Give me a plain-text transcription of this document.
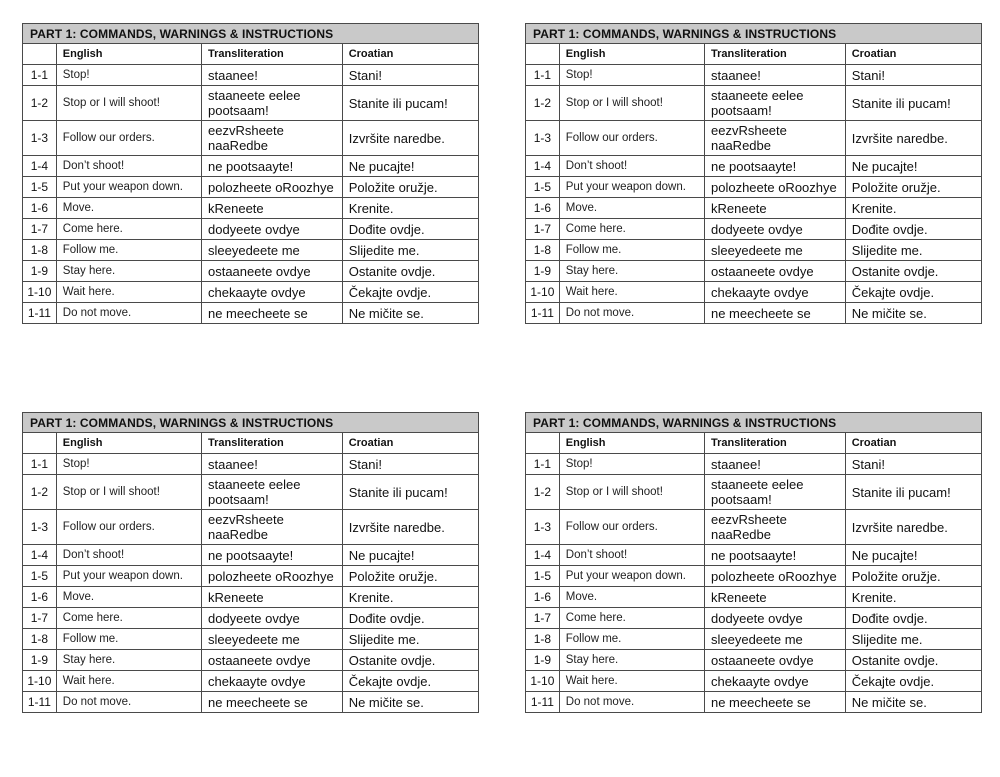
PART 1: COMMANDS, WARNINGS & INSTRUCTIONS			
	English	Transliteration	Croatian
1-1	Stop!	staanee!	Stani!
1-2	Stop or I will shoot!	staaneete eelee pootsaam!	Stanite ili pucam!
1-3	Follow our orders.	eezvRsheete naaRedbe	Izvršite naredbe.
1-4	Don’t shoot!	ne pootsaayte!	Ne pucajte!
1-5	Put your weapon down.	polozheete oRoozhye	Položite oružje.
1-6	Move.	kReneete	Krenite.
1-7	Come here.	dodyeete ovdye	Dođite ovdje.
1-8	Follow me.	sleeyedeete me	Slijedite me.
1-9	Stay here.	ostaaneete ovdye	Ostanite ovdje.
1-10	Wait here.	chekaayte ovdye	Čekajte ovdje.
1-11	Do not move.	ne meecheete se	Ne mičite se.
PART 1: COMMANDS, WARNINGS & INSTRUCTIONS			
	English	Transliteration	Croatian
1-1	Stop!	staanee!	Stani!
1-2	Stop or I will shoot!	staaneete eelee pootsaam!	Stanite ili pucam!
1-3	Follow our orders.	eezvRsheete naaRedbe	Izvršite naredbe.
1-4	Don’t shoot!	ne pootsaayte!	Ne pucajte!
1-5	Put your weapon down.	polozheete oRoozhye	Položite oružje.
1-6	Move.	kReneete	Krenite.
1-7	Come here.	dodyeete ovdye	Dođite ovdje.
1-8	Follow me.	sleeyedeete me	Slijedite me.
1-9	Stay here.	ostaaneete ovdye	Ostanite ovdje.
1-10	Wait here.	chekaayte ovdye	Čekajte ovdje.
1-11	Do not move.	ne meecheete se	Ne mičite se.
PART 1: COMMANDS, WARNINGS & INSTRUCTIONS			
	English	Transliteration	Croatian
1-1	Stop!	staanee!	Stani!
1-2	Stop or I will shoot!	staaneete eelee pootsaam!	Stanite ili pucam!
1-3	Follow our orders.	eezvRsheete naaRedbe	Izvršite naredbe.
1-4	Don’t shoot!	ne pootsaayte!	Ne pucajte!
1-5	Put your weapon down.	polozheete oRoozhye	Položite oružje.
1-6	Move.	kReneete	Krenite.
1-7	Come here.	dodyeete ovdye	Dođite ovdje.
1-8	Follow me.	sleeyedeete me	Slijedite me.
1-9	Stay here.	ostaaneete ovdye	Ostanite ovdje.
1-10	Wait here.	chekaayte ovdye	Čekajte ovdje.
1-11	Do not move.	ne meecheete se	Ne mičite se.
PART 1: COMMANDS, WARNINGS & INSTRUCTIONS			
	English	Transliteration	Croatian
1-1	Stop!	staanee!	Stani!
1-2	Stop or I will shoot!	staaneete eelee pootsaam!	Stanite ili pucam!
1-3	Follow our orders.	eezvRsheete naaRedbe	Izvršite naredbe.
1-4	Don’t shoot!	ne pootsaayte!	Ne pucajte!
1-5	Put your weapon down.	polozheete oRoozhye	Položite oružje.
1-6	Move.	kReneete	Krenite.
1-7	Come here.	dodyeete ovdye	Dođite ovdje.
1-8	Follow me.	sleeyedeete me	Slijedite me.
1-9	Stay here.	ostaaneete ovdye	Ostanite ovdje.
1-10	Wait here.	chekaayte ovdye	Čekajte ovdje.
1-11	Do not move.	ne meecheete se	Ne mičite se.
